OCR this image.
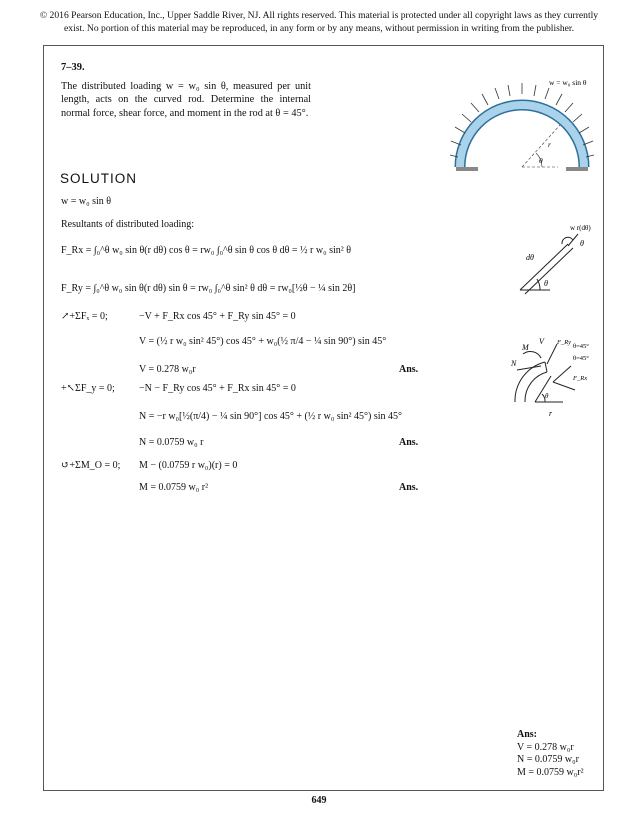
© 2016 Pearson Education, Inc., Upper Saddle River, NJ. All rights reserved. This material is protected under all copyright laws as they currently
exist. No portion of this material may be reproduced, in any form or by any means, without permission in writing from the publisher.
7–39.
The distributed loading w = w₀ sin θ, measured per unit length, acts on the curved rod. Determine the internal normal force, shear force, and moment in the rod at θ = 45°.
w = w₀ sin θ
r
θ
SOLUTION
w = w₀ sin θ
Resultants of distributed loading:
F_Rx = ∫₀^θ w₀ sin θ(r dθ) cos θ = rw₀ ∫₀^θ sin θ cos θ dθ = ½ r w₀ sin² θ
F_Ry = ∫₀^θ w₀ sin θ(r dθ) sin θ = rw₀ ∫₀^θ sin² θ dθ = rw₀[½θ − ¼ sin 2θ]
↗+ΣFₓ = 0;	−V + F_Rx cos 45° + F_Ry sin 45° = 0
V = (½ r w₀ sin² 45°) cos 45° + w₀(½ π/4 − ¼ sin 90°) sin 45°
V = 0.278 w₀r	Ans.
+↖ΣF_y = 0; −N − F_Ry cos 45° + F_Rx sin 45° = 0
N = −r w₀[½(π/4) − ¼ sin 90°] cos 45° + (½ r w₀ sin² 45°) sin 45°
N = 0.0759 w₀ r	Ans.
↺+ΣM_O = 0; M − (0.0759 r w₀)(r) = 0
M = 0.0759 w₀ r²	Ans.
w r(dθ)
dθ
θ
θ
M
V
N
F_Ry
θ=45°
θ=45°
F_Rx
θ
r
Ans:
V = 0.278 w₀r
N = 0.0759 w₀r
M = 0.0759 w₀r²
649
